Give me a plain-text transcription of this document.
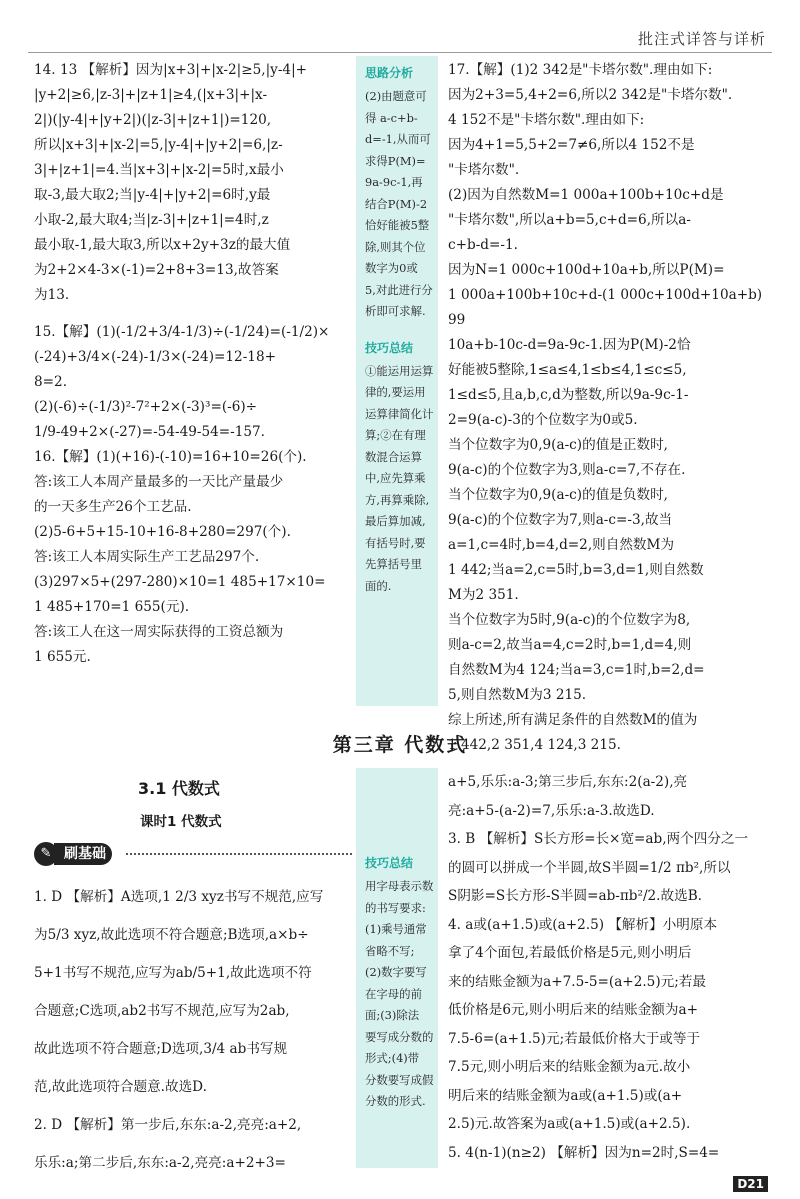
批注式详答与详析
14. 13 【解析】因为|x+3|+|x-2|≥5,|y-4|+
|y+2|≥6,|z-3|+|z+1|≥4,(|x+3|+|x-
2|)(|y-4|+|y+2|)(|z-3|+|z+1|)=120,
所以|x+3|+|x-2|=5,|y-4|+|y+2|=6,|z-
3|+|z+1|=4.当|x+3|+|x-2|=5时,x最小
取-3,最大取2;当|y-4|+|y+2|=6时,y最
小取-2,最大取4;当|z-3|+|z+1|=4时,z
最小取-1,最大取3,所以x+2y+3z的最大值
为2+2×4-3×(-1)=2+8+3=13,故答案
为13.
15.【解】(1)(-1/2+3/4-1/3)÷(-1/24)=(-1/2)×
(-24)+3/4×(-24)-1/3×(-24)=12-18+
8=2.
(2)(-6)÷(-1/3)²-7²+2×(-3)³=(-6)÷
1/9-49+2×(-27)=-54-49-54=-157.
16.【解】(1)(+16)-(-10)=16+10=26(个).
答:该工人本周产量最多的一天比产量最少
的一天多生产26个工艺品.
(2)5-6+5+15-10+16-8+280=297(个).
答:该工人本周实际生产工艺品297个.
(3)297×5+(297-280)×10=1 485+17×10=
1 485+170=1 655(元).
答:该工人在这一周实际获得的工资总额为
1 655元.
思路分析
(2)由题意可
得 a-c+b-
d=-1,从而可
求得P(M)=
9a-9c-1,再
结合P(M)-2
恰好能被5整
除,则其个位
数字为0或
5,对此进行分
析即可求解.
技巧总结
①能运用运算
律的,要运用
运算律简化计
算;②在有理
数混合运算
中,应先算乘
方,再算乘除,
最后算加减,
有括号时,要
先算括号里
面的.
17.【解】(1)2 342是"卡塔尔数".理由如下:
因为2+3=5,4+2=6,所以2 342是"卡塔尔数".
4 152不是"卡塔尔数".理由如下:
因为4+1=5,5+2=7≠6,所以4 152不是
"卡塔尔数".
(2)因为自然数M=1 000a+100b+10c+d是
"卡塔尔数",所以a+b=5,c+d=6,所以a-
c+b-d=-1.
因为N=1 000c+100d+10a+b,所以P(M)=
1 000a+100b+10c+d-(1 000c+100d+10a+b)
99
10a+b-10c-d=9a-9c-1.因为P(M)-2恰
好能被5整除,1≤a≤4,1≤b≤4,1≤c≤5,
1≤d≤5,且a,b,c,d为整数,所以9a-9c-1-
2=9(a-c)-3的个位数字为0或5.
当个位数字为0,9(a-c)的值是正数时,
9(a-c)的个位数字为3,则a-c=7,不存在.
当个位数字为0,9(a-c)的值是负数时,
9(a-c)的个位数字为7,则a-c=-3,故当
a=1,c=4时,b=4,d=2,则自然数M为
1 442;当a=2,c=5时,b=3,d=1,则自然数
M为2 351.
当个位数字为5时,9(a-c)的个位数字为8,
则a-c=2,故当a=4,c=2时,b=1,d=4,则
自然数M为4 124;当a=3,c=1时,b=2,d=
5,则自然数M为3 215.
综上所述,所有满足条件的自然数M的值为
1 442,2 351,4 124,3 215.
第三章 代数式
3.1 代数式
课时1 代数式
✎ 刷基础
1. D 【解析】A选项,1 2/3 xyz书写不规范,应写
为5/3 xyz,故此选项不符合题意;B选项,a×b÷
5+1书写不规范,应写为ab/5+1,故此选项不符
合题意;C选项,ab2书写不规范,应写为2ab,
故此选项不符合题意;D选项,3/4 ab书写规
范,故此选项符合题意.故选D.
2. D 【解析】第一步后,东东:a-2,亮亮:a+2,
乐乐:a;第二步后,东东:a-2,亮亮:a+2+3=
技巧总结
用字母表示数
的书写要求:
(1)乘号通常
省略不写;
(2)数字要写
在字母的前
面;(3)除法
要写成分数的
形式;(4)带
分数要写成假
分数的形式.
a+5,乐乐:a-3;第三步后,东东:2(a-2),亮
亮:a+5-(a-2)=7,乐乐:a-3.故选D.
3. B 【解析】S长方形=长×宽=ab,两个四分之一
的圆可以拼成一个半圆,故S半圆=1/2 πb²,所以
S阴影=S长方形-S半圆=ab-πb²/2.故选B.
4. a或(a+1.5)或(a+2.5) 【解析】小明原本
拿了4个面包,若最低价格是5元,则小明后
来的结账金额为a+7.5-5=(a+2.5)元;若最
低价格是6元,则小明后来的结账金额为a+
7.5-6=(a+1.5)元;若最低价格大于或等于
7.5元,则小明后来的结账金额为a元.故小
明后来的结账金额为a或(a+1.5)或(a+
2.5)元.故答案为a或(a+1.5)或(a+2.5).
5. 4(n-1)(n≥2) 【解析】因为n=2时,S=4=
D21
